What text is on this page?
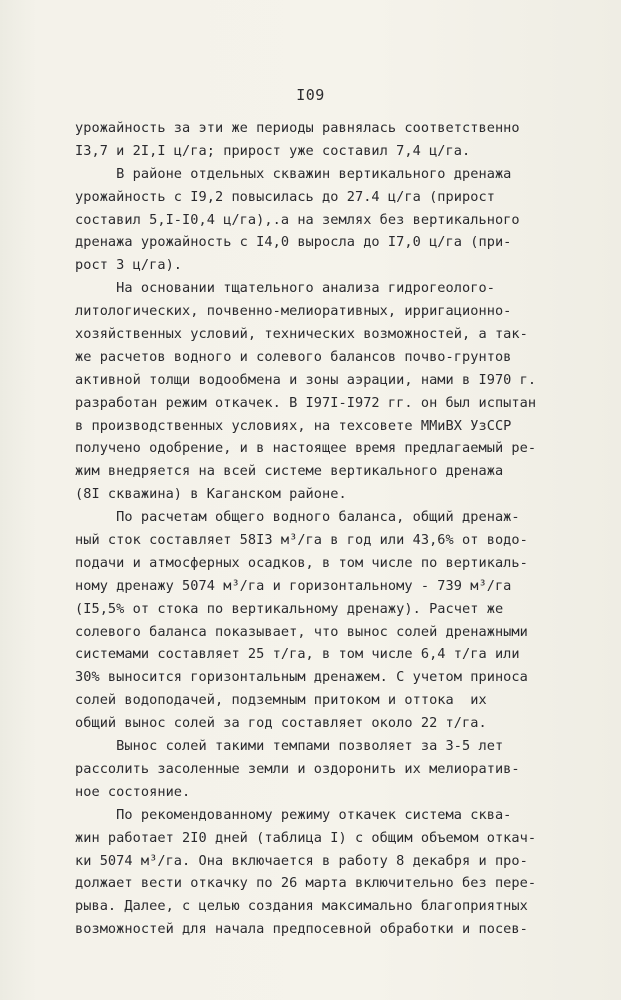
I09
урожайность за эти же периоды равнялась соответственно
I3,7 и 2I,I ц/га; прирост уже составил 7,4 ц/га.
В районе отдельных скважин вертикального дренажа
урожайность с I9,2 повысилась до 27.4 ц/га (прирост
составил 5,I-I0,4 ц/га),.а на землях без вертикального
дренажа урожайность с I4,0 выросла до I7,0 ц/га (при-
рост 3 ц/га).
На основании тщательного анализа гидрогеолого-
литологических, почвенно-мелиоративных, ирригационно-
хозяйственных условий, технических возможностей, а так-
же расчетов водного и солевого балансов почво-грунтов
активной толщи водообмена и зоны аэрации, нами в I970 г.
разработан режим откачек. В I97I-I972 гг. он был испытан
в производственных условиях, на техсовете ММиВХ УзССР
получено одобрение, и в настоящее время предлагаемый ре-
жим внедряется на всей системе вертикального дренажа
(8I скважина) в Каганском районе.
По расчетам общего водного баланса, общий дренаж-
ный сток составляет 58I3 м³/га в год или 43,6% от водо-
подачи и атмосферных осадков, в том числе по вертикаль-
ному дренажу 5074 м³/га и горизонтальному - 739 м³/га
(I5,5% от стока по вертикальному дренажу). Расчет же
солевого баланса показывает, что вынос солей дренажными
системами составляет 25 т/га, в том числе 6,4 т/га или
30% выносится горизонтальным дренажем. С учетом приноса
солей водоподачей, подземным притоком и оттока  их
общий вынос солей за год составляет около 22 т/га.
Вынос солей такими темпами позволяет за 3-5 лет
рассолить засоленные земли и оздоронить их мелиоратив-
ное состояние.
По рекомендованному режиму откачек система сква-
жин работает 2I0 дней (таблица I) с общим объемом откач-
ки 5074 м³/га. Она включается в работу 8 декабря и про-
должает вести откачку по 26 марта включительно без пере-
рыва. Далее, с целью создания максимально благоприятных
возможностей для начала предпосевной обработки и посев-
